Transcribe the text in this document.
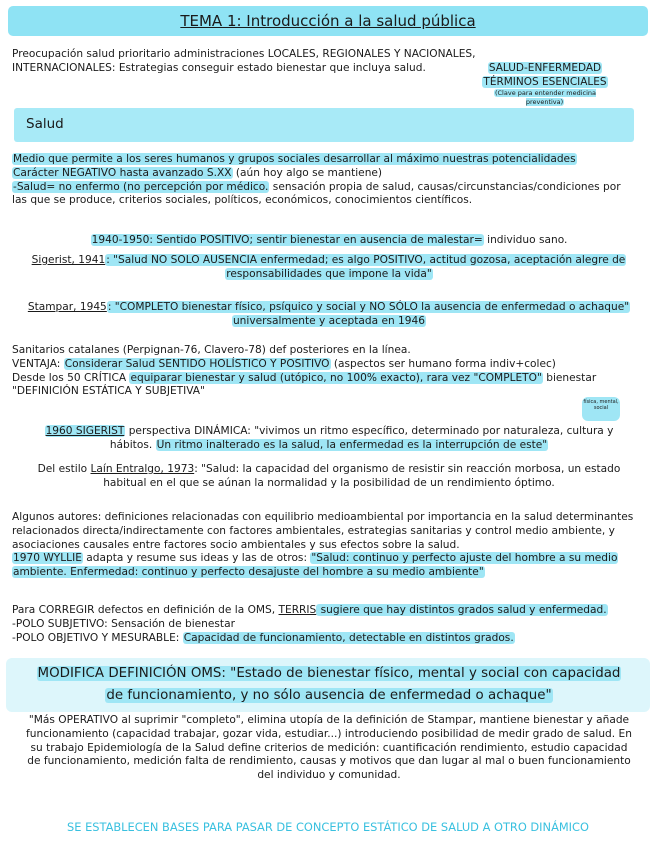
TEMA 1: Introducción a la salud pública
Preocupación salud prioritario administraciones LOCALES, REGIONALES Y NACIONALES,
INTERNACIONALES: Estrategias conseguir estado bienestar que incluya salud.	SALUD-ENFERMEDAD
TÉRMINOS ESENCIALES
(Clave para entender medicina preventiva)
Salud
Medio que permite a los seres humanos y grupos sociales desarrollar al máximo nuestras potencialidades
Carácter NEGATIVO hasta avanzado S.XX (aún hoy algo se mantiene)
-Salud= no enfermo (no percepción por médico. sensación propia de salud, causas/circunstancias/condiciones por
las que se produce, criterios sociales, políticos, económicos, conocimientos científicos.
1940-1950: Sentido POSITIVO; sentir bienestar en ausencia de malestar= individuo sano.
Sigerist, 1941: "Salud NO SOLO AUSENCIA enfermedad; es algo POSITIVO, actitud gozosa, aceptación alegre de
responsabilidades que impone la vida"
Stampar, 1945: "COMPLETO bienestar físico, psíquico y social y NO SÓLO la ausencia de enfermedad o achaque"
universalmente y aceptada en 1946
Sanitarios catalanes (Perpignan-76, Clavero-78) def posteriores en la línea.
VENTAJA: Considerar Salud SENTIDO HOLÍSTICO Y POSITIVO (aspectos ser humano forma indiv+colec)
Desde los 50 CRÍTICA equiparar bienestar y salud (utópico, no 100% exacto), rara vez "COMPLETO" bienestar
"DEFINICIÓN ESTÁTICA Y SUBJETIVA"
física, mental, social
1960 SIGERIST perspectiva DINÁMICA: "vivimos un ritmo específico, determinado por naturaleza, cultura y
hábitos. Un ritmo inalterado es la salud, la enfermedad es la interrupción de este"
Del estilo Laín Entralgo, 1973: "Salud: la capacidad del organismo de resistir sin reacción morbosa, un estado
habitual en el que se aúnan la normalidad y la posibilidad de un rendimiento óptimo.
Algunos autores: definiciones relacionadas con equilibrio medioambiental por importancia en la salud determinantes
relacionados directa/indirectamente con factores ambientales, estrategias sanitarias y control medio ambiente, y
asociaciones causales entre factores socio ambientales y sus efectos sobre la salud.
1970 WYLLIE adapta y resume sus ideas y las de otros: "Salud: continuo y perfecto ajuste del hombre a su medio
ambiente. Enfermedad: continuo y perfecto desajuste del hombre a su medio ambiente"
Para CORREGIR defectos en definición de la OMS, TERRIS sugiere que hay distintos grados salud y enfermedad.
-POLO SUBJETIVO: Sensación de bienestar
-POLO OBJETIVO Y MESURABLE: Capacidad de funcionamiento, detectable en distintos grados.
MODIFICA DEFINICIÓN OMS: "Estado de bienestar físico, mental y social con capacidad
de funcionamiento, y no sólo ausencia de enfermedad o achaque"
"Más OPERATIVO al suprimir "completo", elimina utopía de la definición de Stampar, mantiene bienestar y añade
funcionamiento (capacidad trabajar, gozar vida, estudiar...) introduciendo posibilidad de medir grado de salud. En
su trabajo Epidemiología de la Salud define criterios de medición: cuantificación rendimiento, estudio capacidad
de funcionamiento, medición falta de rendimiento, causas y motivos que dan lugar al mal o buen funcionamiento
del individuo y comunidad.
SE ESTABLECEN BASES PARA PASAR DE CONCEPTO ESTÁTICO DE SALUD A OTRO DINÁMICO
